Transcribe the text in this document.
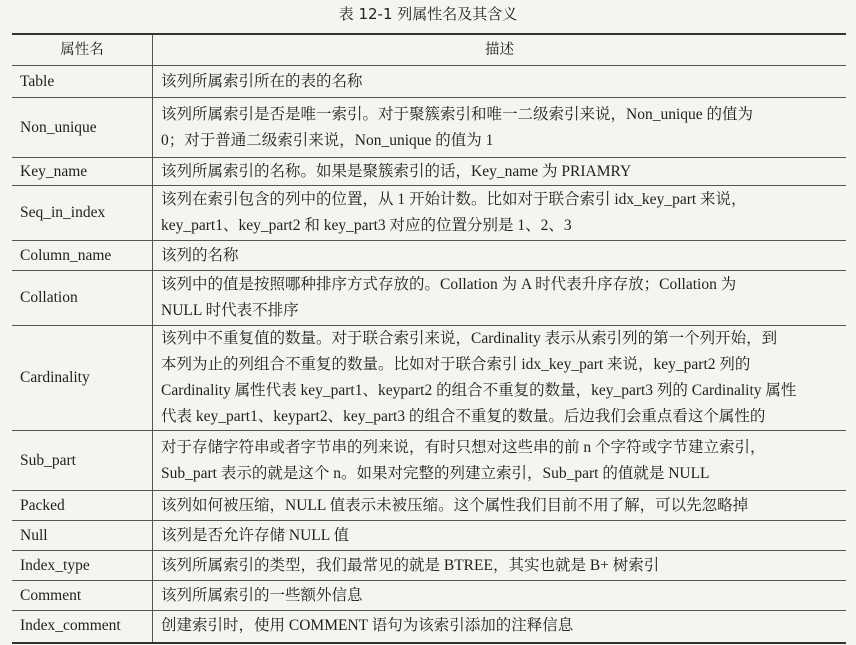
表 12-1 列属性名及其含义
属性名	描述
Table	该列所属索引所在的表的名称

Non_unique	该列所属索引是否是唯一索引。对于聚簇索引和唯一二级索引来说，Non_unique 的值为
0；对于普通二级索引来说，Non_unique 的值为 1

Key_name	该列所属索引的名称。如果是聚簇索引的话，Key_name 为 PRIAMRY

Seq_in_index	该列在索引包含的列中的位置，从 1 开始计数。比如对于联合索引 idx_key_part 来说，
key_part1、key_part2 和 key_part3 对应的位置分别是 1、2、3

Column_name	该列的名称

Collation	该列中的值是按照哪种排序方式存放的。Collation 为 A 时代表升序存放；Collation 为
NULL 时代表不排序

Cardinality	该列中不重复值的数量。对于联合索引来说，Cardinality 表示从索引列的第一个列开始，到
本列为止的列组合不重复的数量。比如对于联合索引 idx_key_part 来说，key_part2 列的
Cardinality 属性代表 key_part1、keypart2 的组合不重复的数量，key_part3 列的 Cardinality 属性
代表 key_part1、keypart2、key_part3 的组合不重复的数量。后边我们会重点看这个属性的

Sub_part	对于存储字符串或者字节串的列来说，有时只想对这些串的前 n 个字符或字节建立索引，
Sub_part 表示的就是这个 n。如果对完整的列建立索引，Sub_part 的值就是 NULL

Packed	该列如何被压缩，NULL 值表示未被压缩。这个属性我们目前不用了解，可以先忽略掉

Null	该列是否允许存储 NULL 值

Index_type	该列所属索引的类型，我们最常见的就是 BTREE，其实也就是 B+ 树索引

Comment	该列所属索引的一些额外信息

Index_comment	创建索引时，使用 COMMENT 语句为该索引添加的注释信息
